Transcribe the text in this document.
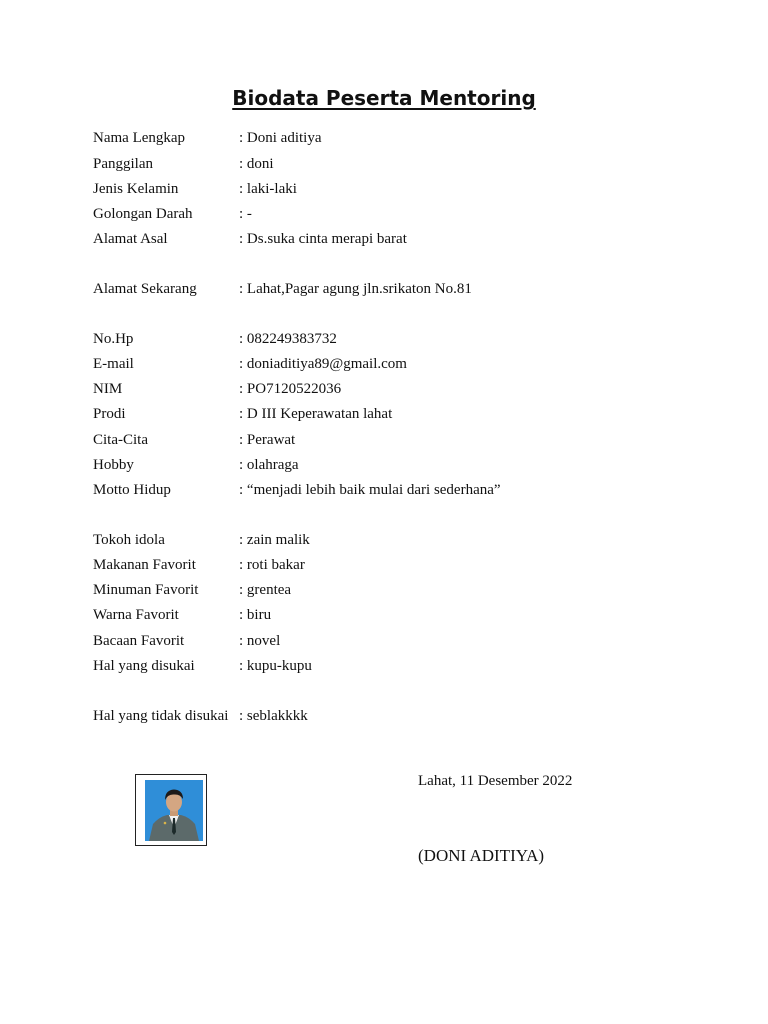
Biodata Peserta Mentoring
Nama Lengkap	: Doni aditiya
Panggilan	: doni
Jenis Kelamin	: laki-laki
Golongan Darah	: -
Alamat Asal	: Ds.suka cinta merapi barat
Alamat Sekarang	: Lahat,Pagar agung jln.srikaton No.81
No.Hp	: 082249383732
E-mail	: doniaditiya89@gmail.com
NIM	: PO7120522036
Prodi	: D III Keperawatan lahat
Cita-Cita	: Perawat
Hobby	: olahraga
Motto Hidup	: “menjadi lebih baik mulai dari sederhana”
Tokoh idola	: zain malik
Makanan Favorit	: roti bakar
Minuman Favorit	: grentea
Warna Favorit	: biru
Bacaan Favorit	: novel
Hal yang disukai	: kupu-kupu
Hal yang tidak disukai : seblakkkk
Lahat, 11 Desember 2022
(DONI ADITIYA)
